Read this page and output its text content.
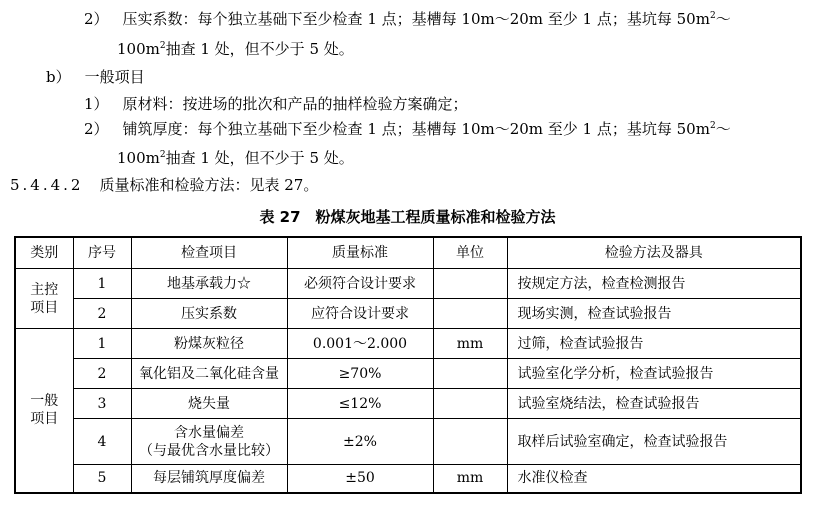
2） 压实系数：每个独立基础下至少检查 1 点；基槽每 10m～20m 至少 1 点；基坑每 $50m^2\sim$
$100m^2$抽查 1 处，但不少于 5 处。
b） 一般项目
1） 原材料：按进场的批次和产品的抽样检验方案确定；
2） 铺筑厚度：每个独立基础下至少检查 1 点；基槽每 10m～20m 至少 1 点；基坑每 $50m^2\sim$
$100m^2$抽查 1 处，但不少于 5 处。
5.4.4.2 质量标准和检验方法：见表 27。
表 27　粉煤灰地基工程质量标准和检验方法
类别	序号	检查项目	质量标准	单位	检验方法及器具
主控
项目	1	地基承载力☆	必须符合设计要求		按规定方法，检查检测报告
	2	压实系数	应符合设计要求		现场实测，检查试验报告
一般
项目	1	粉煤灰粒径	0.001～2.000	mm	过筛，检查试验报告
	2	氧化铝及二氧化硅含量	≥70%		试验室化学分析，检查试验报告
	3	烧失量	≤12%		试验室烧结法，检查试验报告
	4	含水量偏差
（与最优含水量比较）	±2%		取样后试验室确定，检查试验报告
	5	每层铺筑厚度偏差	±50	mm	水准仪检查
